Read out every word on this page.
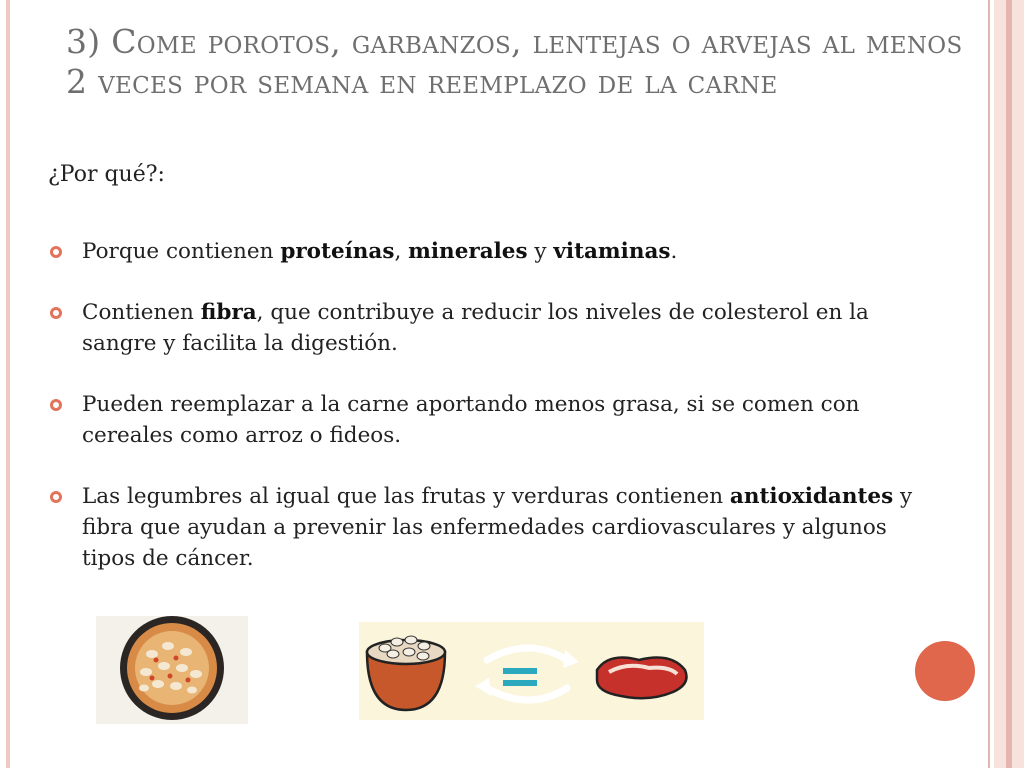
3) Come porotos, garbanzos, lentejas o arvejas al menos 2 veces por semana en reemplazo de la carne
¿Por qué?:
Porque contienen proteínas, minerales y vitaminas.
Contienen fibra, que contribuye a reducir los niveles de colesterol en la sangre y facilita la digestión.
Pueden reemplazar a la carne aportando menos grasa, si se comen con cereales como arroz o fideos.
Las legumbres al igual que las frutas y verduras contienen antioxidantes y fibra que ayudan a prevenir las enfermedades cardiovasculares y algunos tipos de cáncer.
